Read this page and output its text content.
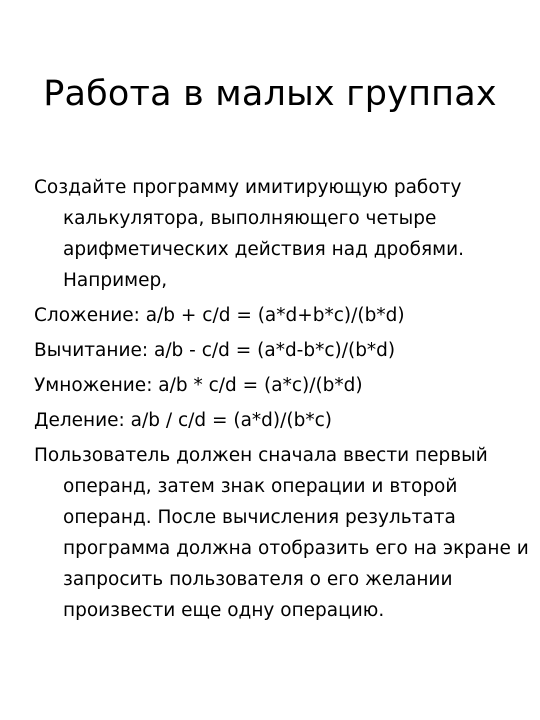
Работа в малых группах

Создайте программу имитирующую работу калькулятора, выполняющего четыре арифметических действия над дробями. Например,

Сложение: a/b + c/d = (a*d+b*c)/(b*d)

Вычитание: a/b - c/d = (a*d-b*c)/(b*d)

Умножение: a/b * c/d = (a*c)/(b*d)

Деление: a/b / c/d = (a*d)/(b*c)

Пользователь должен сначала ввести первый операнд, затем знак операции и второй операнд. После вычисления результата программа должна отобразить его на экране и запросить пользователя о его желании произвести еще одну операцию.
